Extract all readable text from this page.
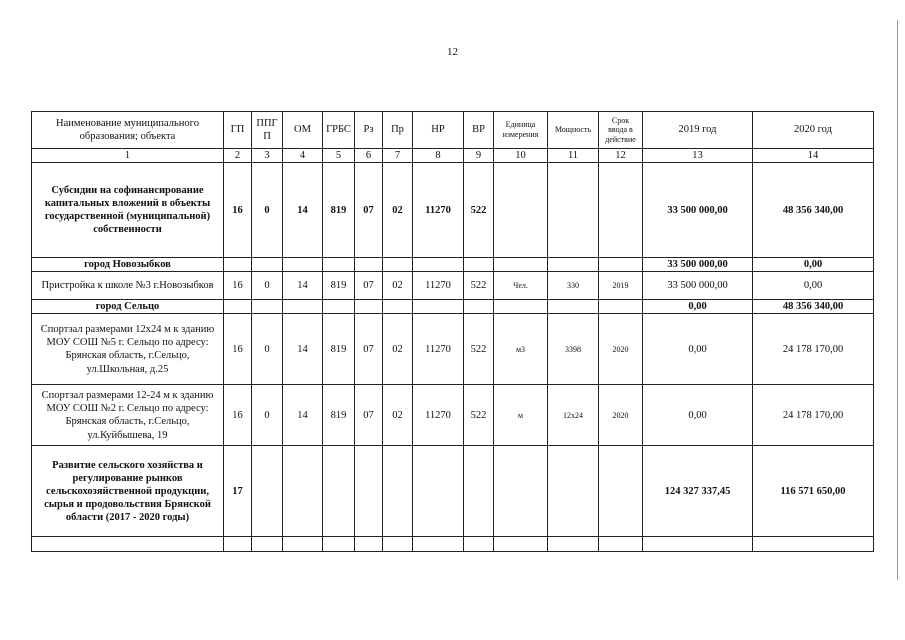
12
Наименование муниципального образования; объекта	ГП	ППГ
П	ОМ	ГРБС	Рз	Пр	НР	ВР	Единица
измерения	Мощность	Срок
ввода в
действие	2019 год	2020 год
1	2	3	4	5	6	7	8	9	10	11	12	13	14
Субсидии на софинансирование капитальных вложений в объекты государственной (муниципальной) собственности	16	0	14	819	07	02	11270	522				33 500 000,00	48 356 340,00
город Новозыбков												33 500 000,00	0,00
Пристройка к школе №3 г.Новозыбков	16	0	14	819	07	02	11270	522	Чел.	330	2019	33 500 000,00	0,00
город Сельцо												0,00	48 356 340,00
Спортзал размерами 12х24 м к зданию МОУ СОШ №5 г. Сельцо по адресу: Брянская область, г.Сельцо, ул.Школьная, д.25	16	0	14	819	07	02	11270	522	м3	3398	2020	0,00	24 178 170,00
Спортзал размерами 12-24 м к зданию МОУ СОШ №2 г. Сельцо по адресу: Брянская область, г.Сельцо, ул.Куйбышева, 19	16	0	14	819	07	02	11270	522	м	12х24	2020	0,00	24 178 170,00
Развитие сельского хозяйства и регулирование рынков сельскохозяйственной продукции, сырья и продовольствия Брянской области (2017 - 2020 годы)	17											124 327 337,45	116 571 650,00
